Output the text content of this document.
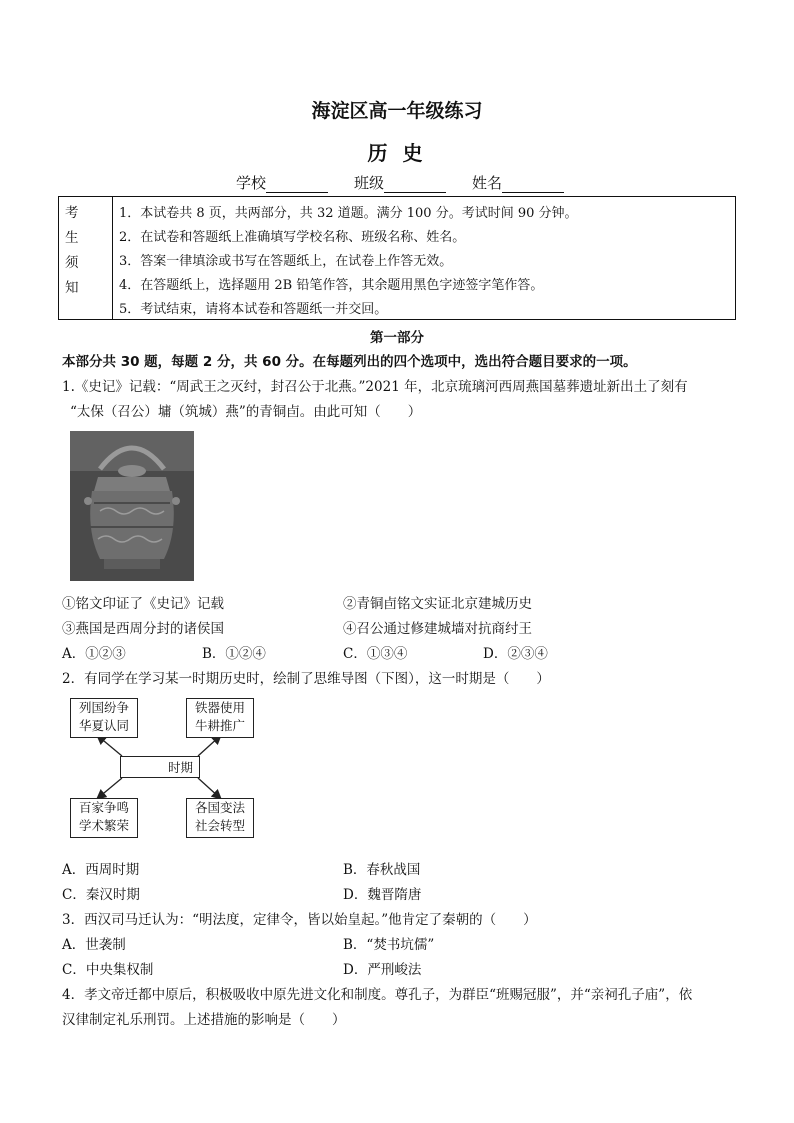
海淀区高一年级练习
历 史
学校	班级	姓名
考
生
须
知
1．本试卷共 8 页，共两部分，共 32 道题。满分 100 分。考试时间 90 分钟。
2．在试卷和答题纸上准确填写学校名称、班级名称、姓名。
3．答案一律填涂或书写在答题纸上，在试卷上作答无效。
4．在答题纸上，选择题用 2B 铅笔作答，其余题用黑色字迹签字笔作答。
5．考试结束，请将本试卷和答题纸一并交回。
第一部分
本部分共 30 题，每题 2 分，共 60 分。在每题列出的四个选项中，选出符合题目要求的一项。
1.《史记》记载：“周武王之灭纣，封召公于北燕。”2021 年，北京琉璃河西周燕国墓葬遗址新出土了刻有
“太保（召公）墉（筑城）燕”的青铜卣。由此可知（　　）
①铭文印证了《史记》记载	②青铜卣铭文实证北京建城历史
③燕国是西周分封的诸侯国	④召公通过修建城墙对抗商纣王
A．①②③	B．①②④	C．①③④	D．②③④
2．有同学在学习某一时期历史时，绘制了思维导图（下图），这一时期是（　　）
列国纷争
华夏认同
铁器使用
牛耕推广
时期
百家争鸣
学术繁荣
各国变法
社会转型
A．西周时期	B．春秋战国
C．秦汉时期	D．魏晋隋唐
3．西汉司马迁认为：“明法度，定律令，皆以始皇起。”他肯定了秦朝的（　　）
A．世袭制	B．“焚书坑儒”
C．中央集权制	D．严刑峻法
4．孝文帝迁都中原后，积极吸收中原先进文化和制度。尊孔子，为群臣“班赐冠服”，并“亲祠孔子庙”，依
汉律制定礼乐刑罚。上述措施的影响是（　　）
